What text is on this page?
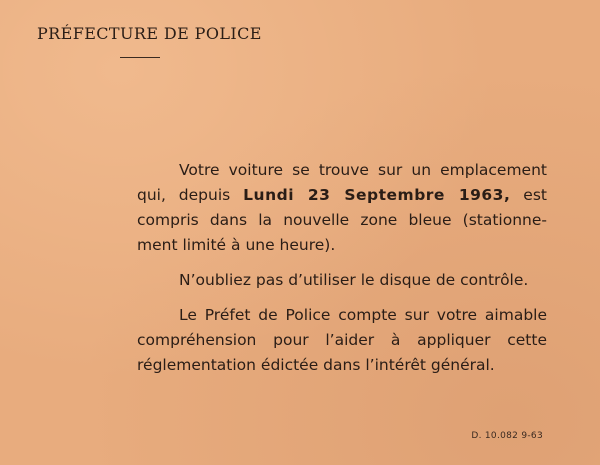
PRÉFECTURE DE POLICE
Votre voiture se trouve sur un emplacement
qui, depuis Lundi 23 Septembre 1963, est
compris dans la nouvelle zone bleue (stationne-
ment limité à une heure).
N’oubliez pas d’utiliser le disque de contrôle.
Le Préfet de Police compte sur votre aimable
compréhension pour l’aider à appliquer cette
réglementation édictée dans l’intérêt général.
D. 10.082 9-63
